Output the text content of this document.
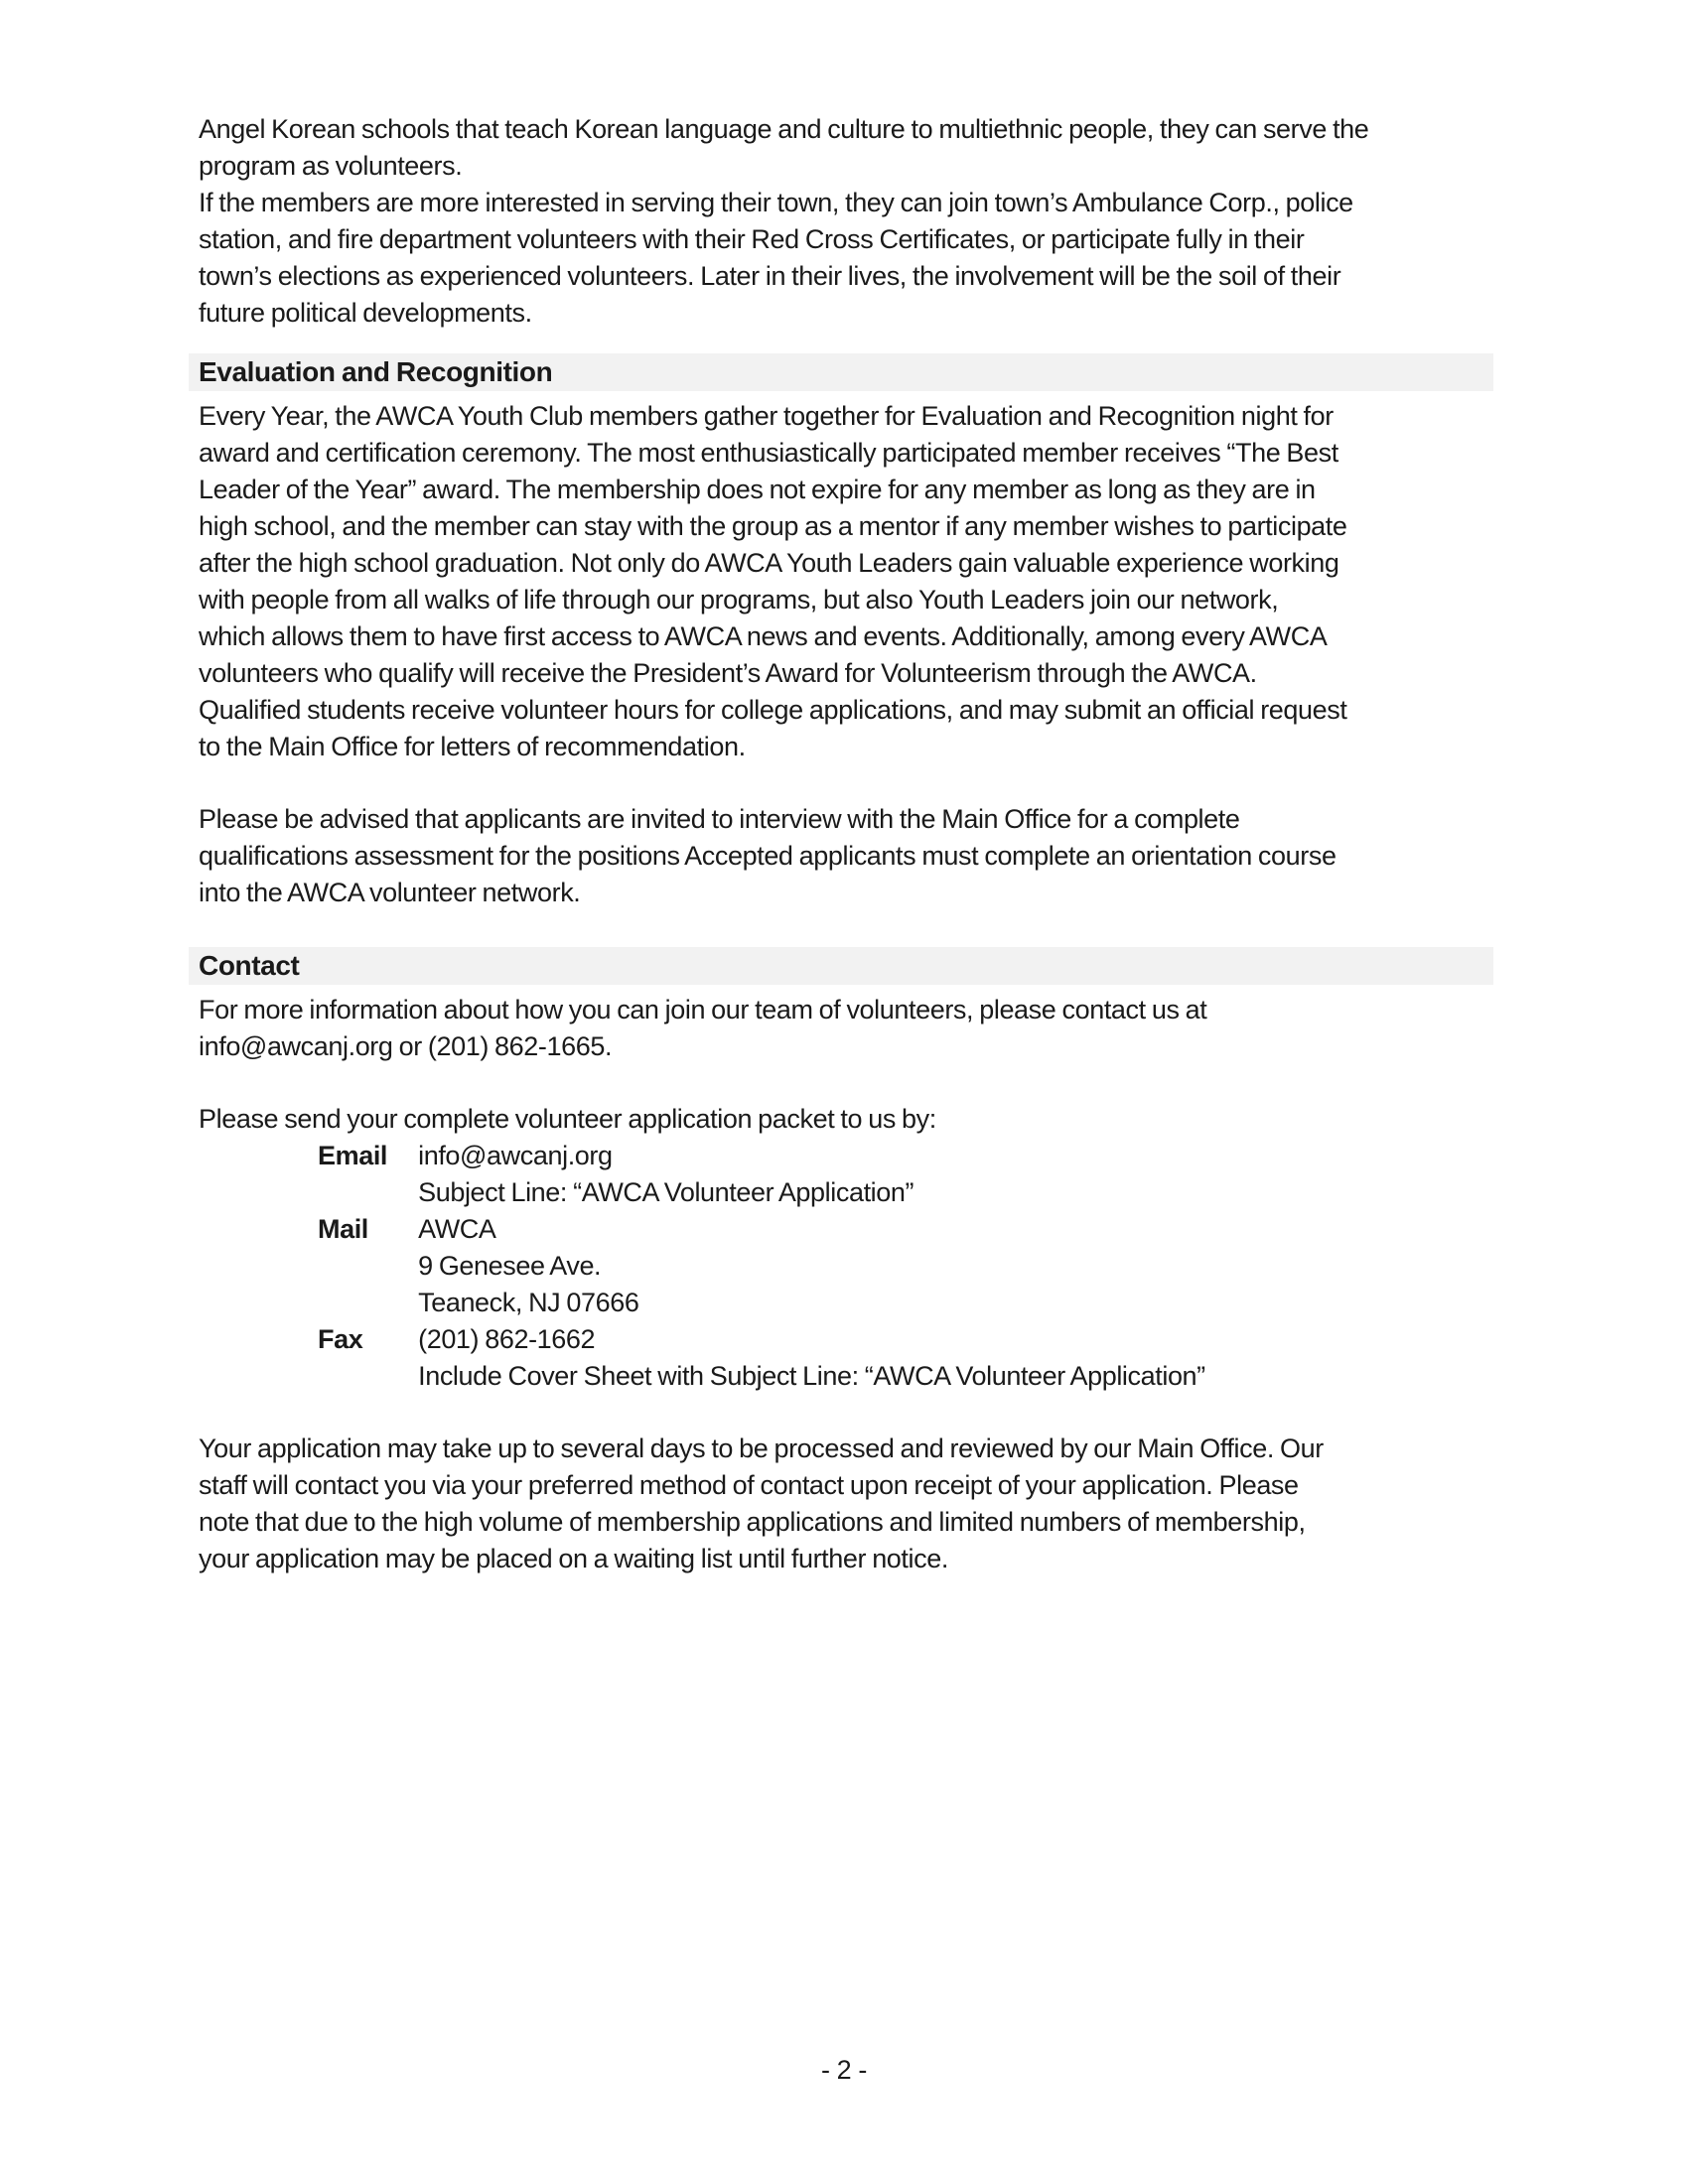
Angel Korean schools that teach Korean language and culture to multiethnic people, they can serve the
program as volunteers.
If the members are more interested in serving their town, they can join town’s Ambulance Corp., police
station, and fire department volunteers with their Red Cross Certificates, or participate fully in their
town’s elections as experienced volunteers. Later in their lives, the involvement will be the soil of their
future political developments.
Evaluation and Recognition
Every Year, the AWCA Youth Club members gather together for Evaluation and Recognition night for
award and certification ceremony. The most enthusiastically participated member receives “The Best
Leader of the Year” award. The membership does not expire for any member as long as they are in
high school, and the member can stay with the group as a mentor if any member wishes to participate
after the high school graduation. Not only do AWCA Youth Leaders gain valuable experience working
with people from all walks of life through our programs, but also Youth Leaders join our network,
which allows them to have first access to AWCA news and events. Additionally, among every AWCA
volunteers who qualify will receive the President’s Award for Volunteerism through the AWCA.
Qualified students receive volunteer hours for college applications, and may submit an official request
to the Main Office for letters of recommendation.
Please be advised that applicants are invited to interview with the Main Office for a complete
qualifications assessment for the positions Accepted applicants must complete an orientation course
into the AWCA volunteer network.
Contact
For more information about how you can join our team of volunteers, please contact us at
info@awcanj.org or (201) 862-1665.
Please send your complete volunteer application packet to us by:
Email info@awcanj.org
Subject Line: “AWCA Volunteer Application”
Mail AWCA
9 Genesee Ave.
Teaneck, NJ 07666
Fax (201) 862-1662
Include Cover Sheet with Subject Line: “AWCA Volunteer Application”
Your application may take up to several days to be processed and reviewed by our Main Office. Our
staff will contact you via your preferred method of contact upon receipt of your application. Please
note that due to the high volume of membership applications and limited numbers of membership,
your application may be placed on a waiting list until further notice.
- 2 -
